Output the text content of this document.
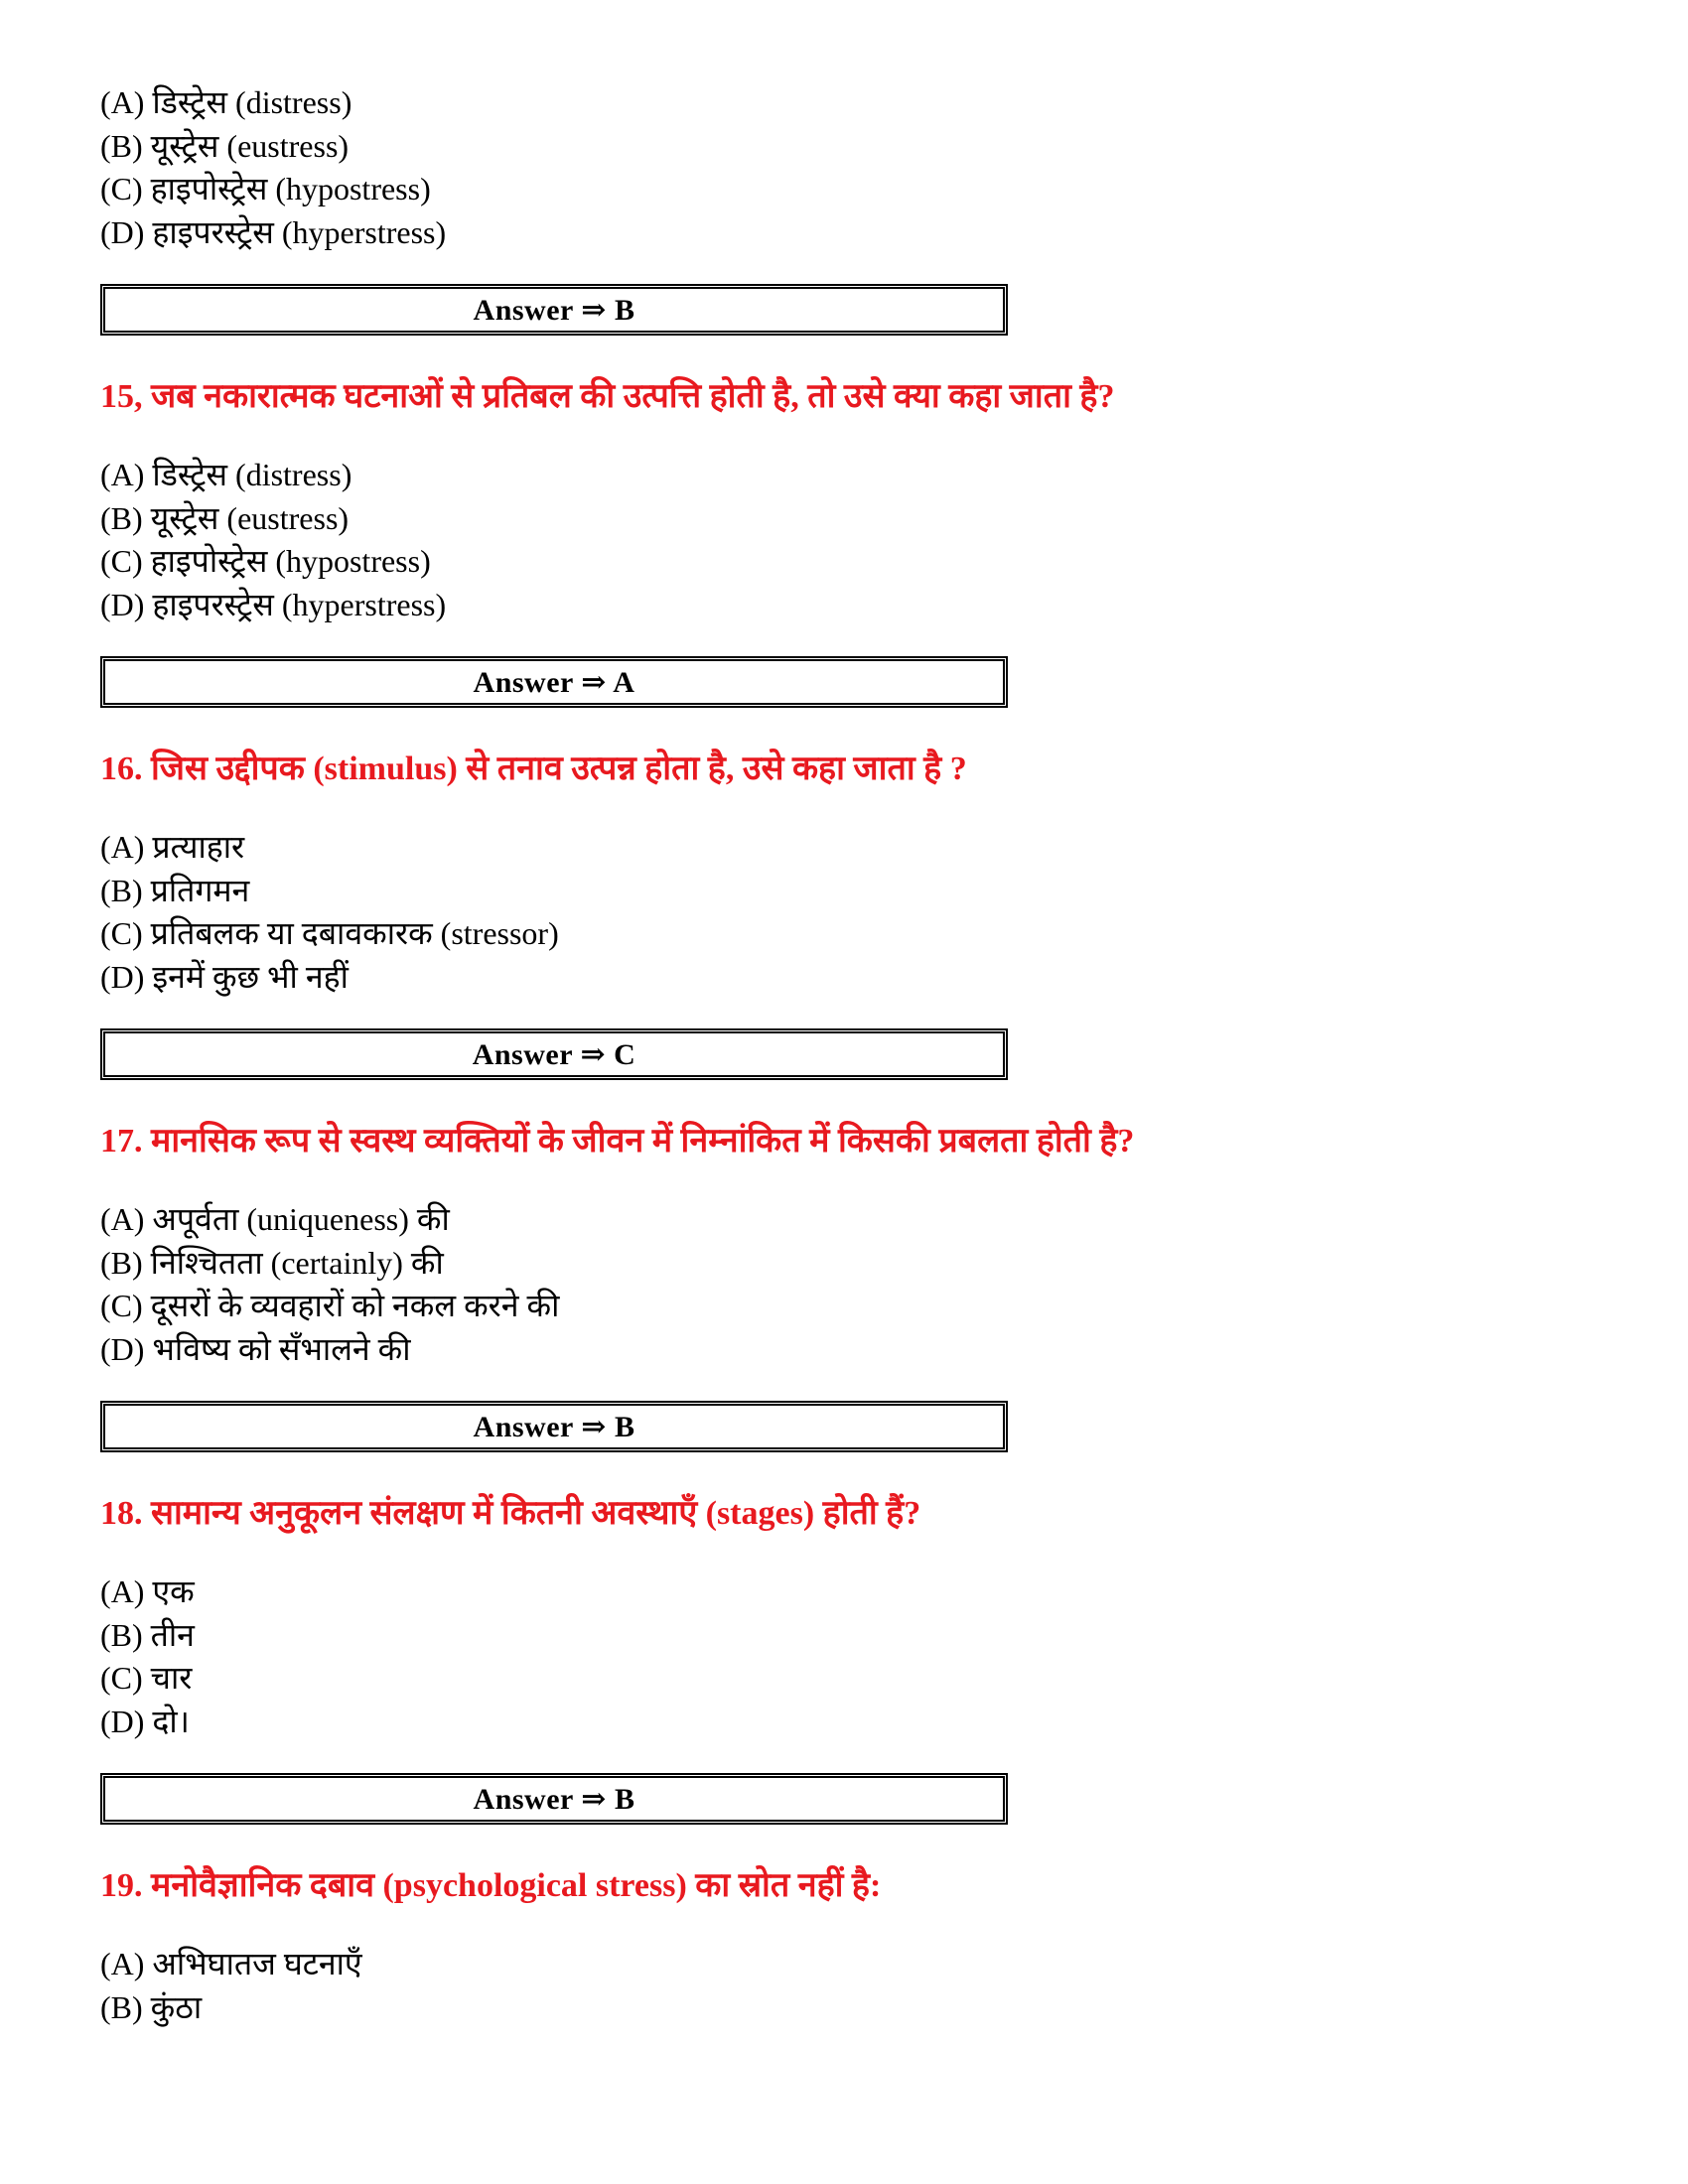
(A) डिस्ट्रेस (distress)
(B) यूस्ट्रेस (eustress)
(C) हाइपोस्ट्रेस (hypostress)
(D) हाइपरस्ट्रेस (hyperstress)
Answer ⇒ B
15, जब नकारात्मक घटनाओं से प्रतिबल की उत्पत्ति होती है, तो उसे क्या कहा जाता है?
(A) डिस्ट्रेस (distress)
(B) यूस्ट्रेस (eustress)
(C) हाइपोस्ट्रेस (hypostress)
(D) हाइपरस्ट्रेस (hyperstress)
Answer ⇒ A
16. जिस उद्दीपक (stimulus) से तनाव उत्पन्न होता है, उसे कहा जाता है ?
(A) प्रत्याहार
(B) प्रतिगमन
(C) प्रतिबलक या दबावकारक (stressor)
(D) इनमें कुछ भी नहीं
Answer ⇒ C
17. मानसिक रूप से स्वस्थ व्यक्तियों के जीवन में निम्नांकित में किसकी प्रबलता होती है?
(A) अपूर्वता (uniqueness) की
(B) निश्चितता (certainly) की
(C) दूसरों के व्यवहारों को नकल करने की
(D) भविष्य को सँभालने की
Answer ⇒ B
18. सामान्य अनुकूलन संलक्षण में कितनी अवस्थाएँ (stages) होती हैं?
(A) एक
(B) तीन
(C) चार
(D) दो।
Answer ⇒ B
19. मनोवैज्ञानिक दबाव (psychological stress) का स्रोत नहीं है:
(A) अभिघातज घटनाएँ
(B) कुंठा
